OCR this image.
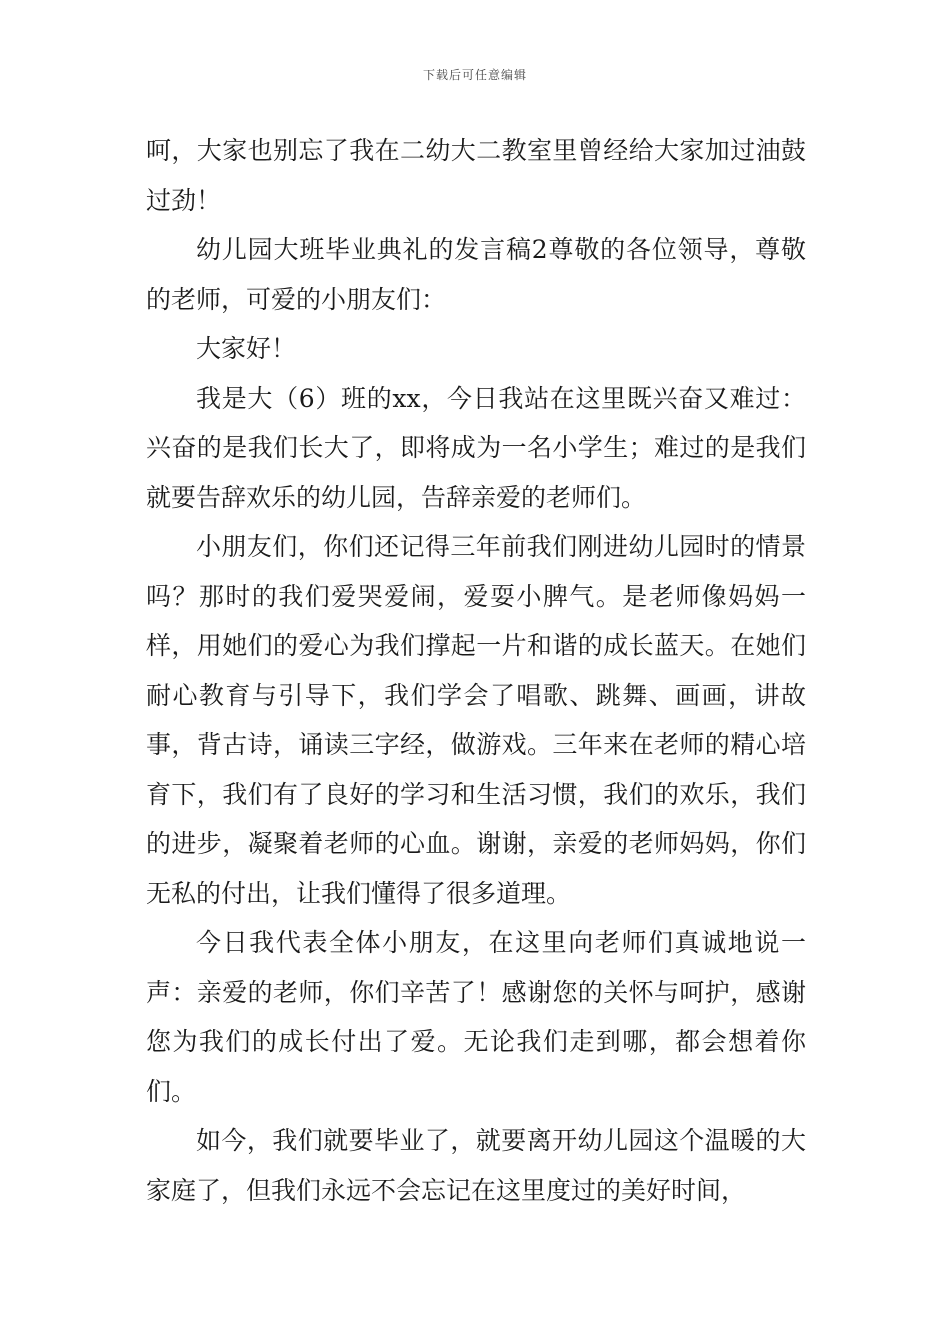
下载后可任意编辑

呵，大家也别忘了我在二幼大二教室里曾经给大家加过油鼓过劲！

幼儿园大班毕业典礼的发言稿2尊敬的各位领导，尊敬的老师，可爱的小朋友们：

大家好！

我是大（6）班的xx，今日我站在这里既兴奋又难过：兴奋的是我们长大了，即将成为一名小学生；难过的是我们就要告辞欢乐的幼儿园，告辞亲爱的老师们。

小朋友们，你们还记得三年前我们刚进幼儿园时的情景吗？那时的我们爱哭爱闹，爱耍小脾气。是老师像妈妈一样，用她们的爱心为我们撑起一片和谐的成长蓝天。在她们耐心教育与引导下，我们学会了唱歌、跳舞、画画，讲故事，背古诗，诵读三字经，做游戏。三年来在老师的精心培育下，我们有了良好的学习和生活习惯，我们的欢乐，我们的进步，凝聚着老师的心血。谢谢，亲爱的老师妈妈，你们无私的付出，让我们懂得了很多道理。

今日我代表全体小朋友，在这里向老师们真诚地说一声：亲爱的老师，你们辛苦了！感谢您的关怀与呵护，感谢您为我们的成长付出了爱。无论我们走到哪，都会想着你们。

如今，我们就要毕业了，就要离开幼儿园这个温暖的大家庭了，但我们永远不会忘记在这里度过的美好时间，
